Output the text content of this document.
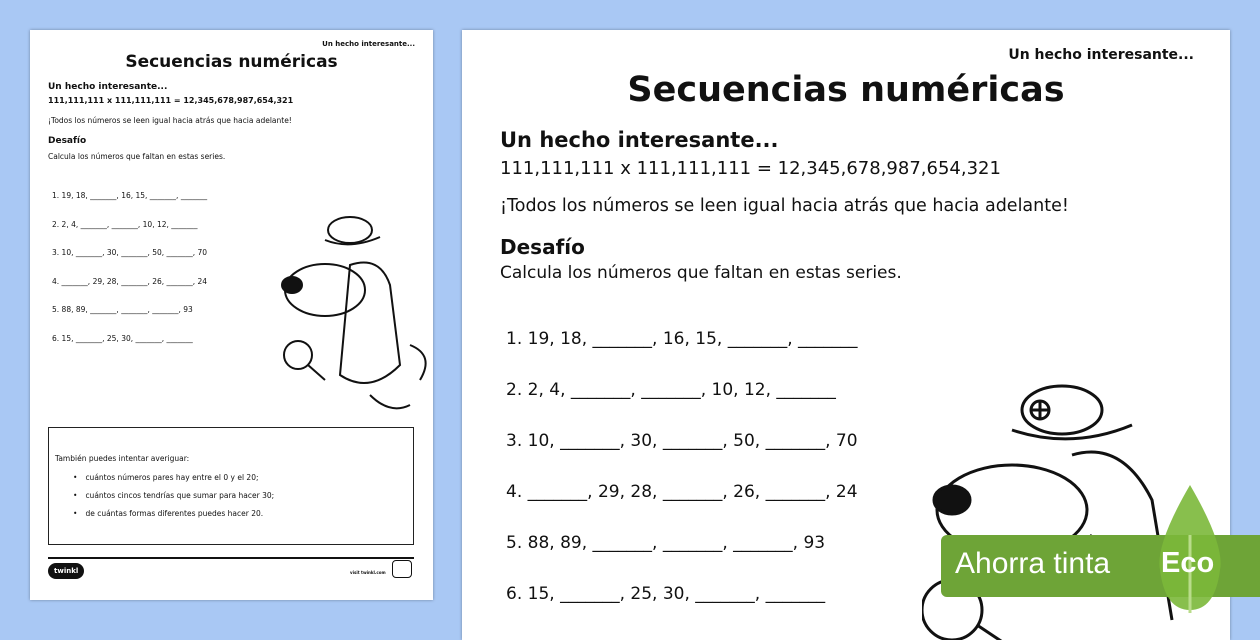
Un hecho interesante...
Secuencias numéricas
Un hecho interesante...
111,111,111 x 111,111,111 = 12,345,678,987,654,321
¡Todos los números se leen igual hacia atrás que hacia adelante!
Desafío
Calcula los números que faltan en estas series.
1. 19, 18, _______, 16, 15, _______, _______
2. 2, 4, _______, _______, 10, 12, _______
3. 10, _______, 30, _______, 50, _______, 70
4. _______, 29, 28, _______, 26, _______, 24
5. 88, 89, _______, _______, _______, 93
6. 15, _______, 25, 30, _______, _______
También puedes intentar averiguar:
• cuántos números pares hay entre el 0 y el 20;
• cuántos cincos tendrías que sumar para hacer 30;
• de cuántas formas diferentes puedes hacer 20.
twinkl	visit twinkl.com
Un hecho interesante...
Secuencias numéricas
Un hecho interesante...
111,111,111 x 111,111,111 = 12,345,678,987,654,321
¡Todos los números se leen igual hacia atrás que hacia adelante!
Desafío
Calcula los números que faltan en estas series.
1. 19, 18, _______, 16, 15, _______, _______
2. 2, 4, _______, _______, 10, 12, _______
3. 10, _______, 30, _______, 50, _______, 70
4. _______, 29, 28, _______, 26, _______, 24
5. 88, 89, _______, _______, _______, 93
6. 15, _______, 25, 30, _______, _______
Ahorra tinta Eco
